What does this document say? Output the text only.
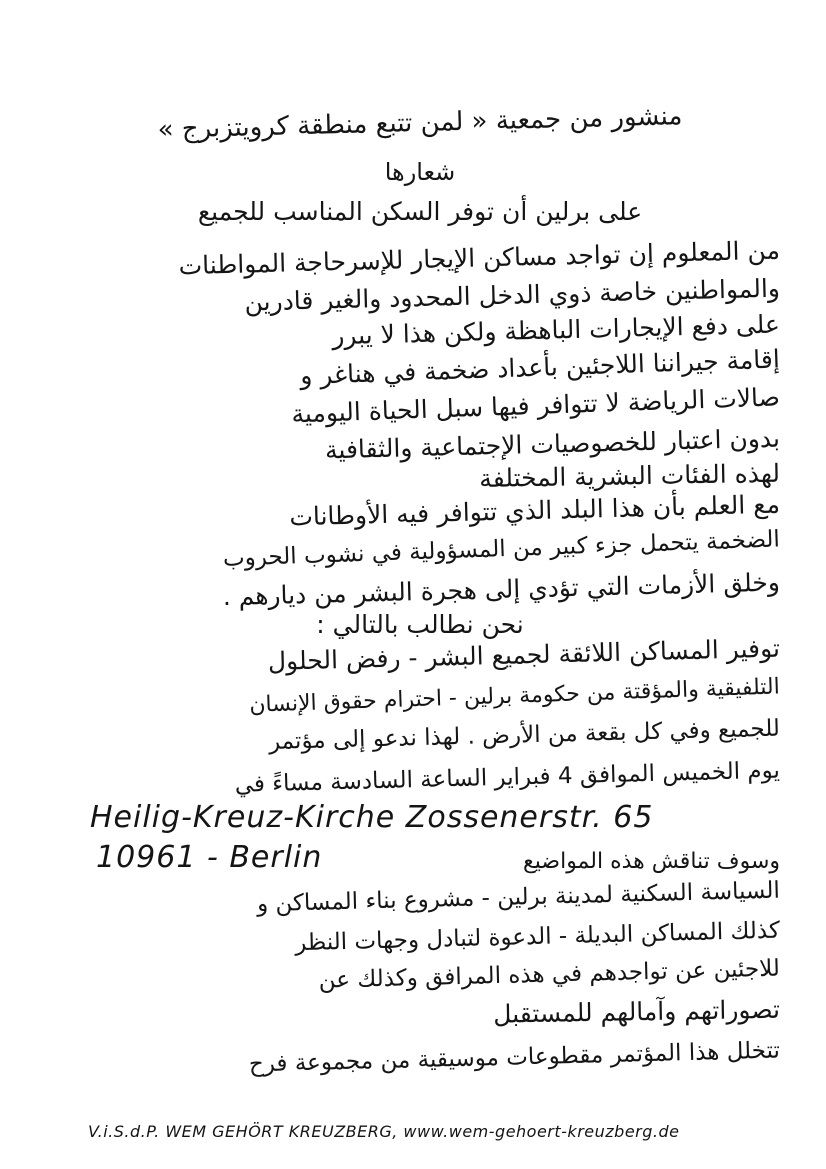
منشور من جمعية « لمن تتبع منطقة كرويتزبرج »
شعارها
على برلين أن توفر السكن المناسب للجميع
من المعلوم إن تواجد مساكن الإيجار للإسرحاجة المواطنات
والمواطنين خاصة ذوي الدخل المحدود والغير قادرين
على دفع الإيجارات الباهظة ولكن هذا لا يبرر
إقامة جيراننا اللاجئين بأعداد ضخمة في هناغر و
صالات الرياضة لا تتوافر فيها سبل الحياة اليومية
بدون اعتبار للخصوصيات الإجتماعية والثقافية
لهذه الفئات البشرية المختلفة
مع العلم بأن هذا البلد الذي تتوافر فيه الأوطانات
الضخمة يتحمل جزء كبير من المسؤولية في نشوب الحروب
وخلق الأزمات التي تؤدي إلى هجرة البشر من ديارهم .
نحن نطالب بالتالي :
توفير المساكن اللائقة لجميع البشر - رفض الحلول
التلفيقية والمؤقتة من حكومة برلين - احترام حقوق الإنسان
للجميع وفي كل بقعة من الأرض . لهذا ندعو إلى مؤتمر
يوم الخميس الموافق 4 فبراير الساعة السادسة مساءً في
Heilig-Kreuz-Kirche Zossenerstr. 65
10961 - Berlin	وسوف تناقش هذه المواضيع
السياسة السكنية لمدينة برلين - مشروع بناء المساكن و
كذلك المساكن البديلة - الدعوة لتبادل وجهات النظر
للاجئين عن تواجدهم في هذه المرافق وكذلك عن
تصوراتهم وآمالهم للمستقبل
تتخلل هذا المؤتمر مقطوعات موسيقية من مجموعة فرح
V.i.S.d.P. WEM GEHÖRT KREUZBERG, www.wem-gehoert-kreuzberg.de
